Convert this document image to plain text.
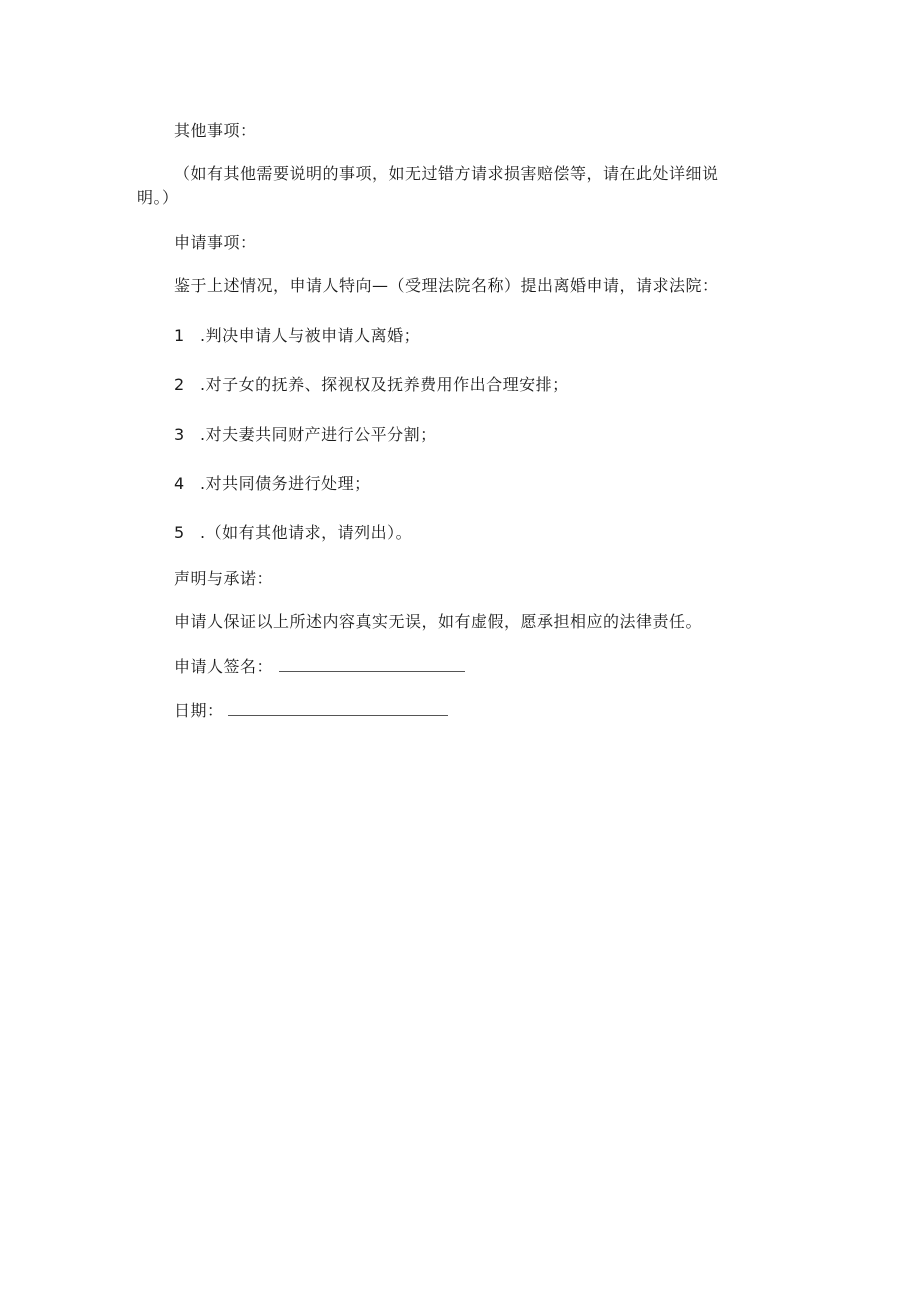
其他事项：
（如有其他需要说明的事项，如无过错方请求损害赔偿等，请在此处详细说
明。）
申请事项：
鉴于上述情况，申请人特向—（受理法院名称）提出离婚申请，请求法院：
1 .判决申请人与被申请人离婚；
2 .对子女的抚养、探视权及抚养费用作出合理安排；
3 .对夫妻共同财产进行公平分割；
4 .对共同债务进行处理；
5 .（如有其他请求，请列出）。
声明与承诺：
申请人保证以上所述内容真实无误，如有虚假，愿承担相应的法律责任。
申请人签名：
日期：
